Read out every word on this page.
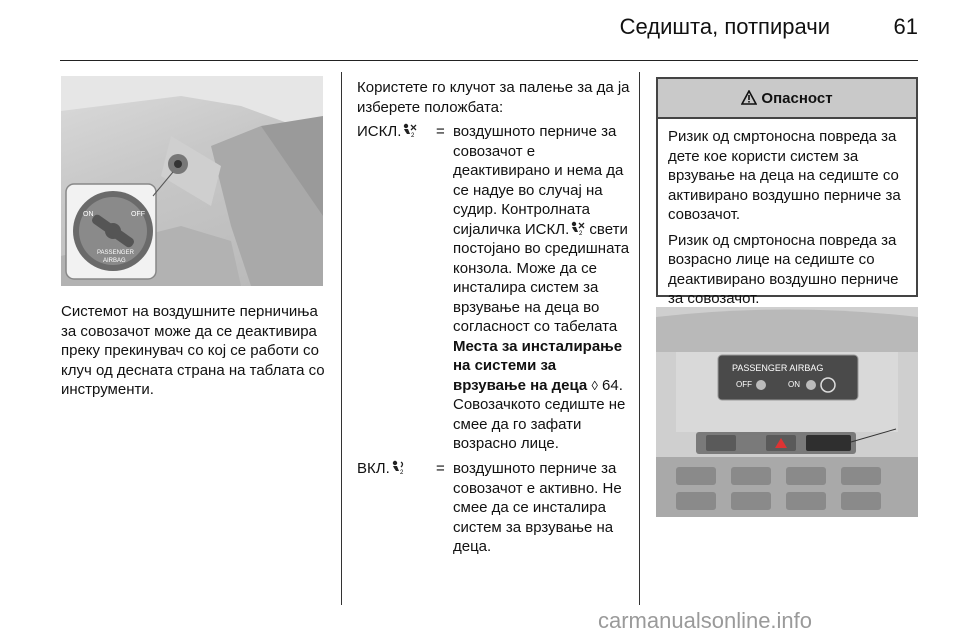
Седишта, потпирачи	61
ON	OFF
PASSENGER
AIRBAG

Системот на воздушните перничиња за совозачот може да се деактивира преку прекинувач со кој се работи со клуч од десната страна на таблата со инструменти.

Користете го клучот за палење за да ја изберете положбата:

ИСКЛ. 2 = воздушното перниче за совозачот е деактивирано и нема да се надуе во случај на судир. Контролната сијаличка ИСКЛ. 2 свети постојано во средишната конзола. Може да се инсталира систем за врзување на деца во согласност со табелата Места за инсталирање на системи за врзување на деца ◊ 64.
Совозачкото седиште не смее да го зафати возрасно лице.
ВКЛ. 2 = воздушното перниче за совозачот е активно. Не смее да се инсталира систем за врзување на деца.
Опасност

Ризик од смртоносна повреда за дете кое користи систем за врзување на деца на седиште со активирано воздушно перниче за совозачот.

Ризик од смртоносна повреда за возрасно лице на седиште со деактивирано воздушно перниче за совозачот.

PASSENGER AIRBAG
OFF	ON
carmanualsonline.info
